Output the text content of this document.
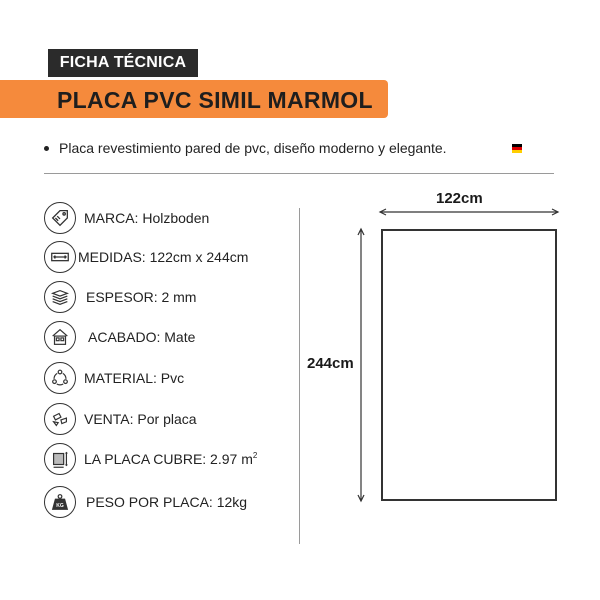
FICHA TÉCNICA
PLACA PVC SIMIL MARMOL
Placa revestimiento pared de pvc, diseño moderno y elegante.
MARCA: Holzboden
MEDIDAS: 122cm x 244cm
ESPESOR: 2 mm
ACABADO: Mate
MATERIAL: Pvc
VENTA: Por placa
LA PLACA CUBRE: 2.97 $m^2$
KG PESO POR PLACA: 12kg
122cm
244cm
